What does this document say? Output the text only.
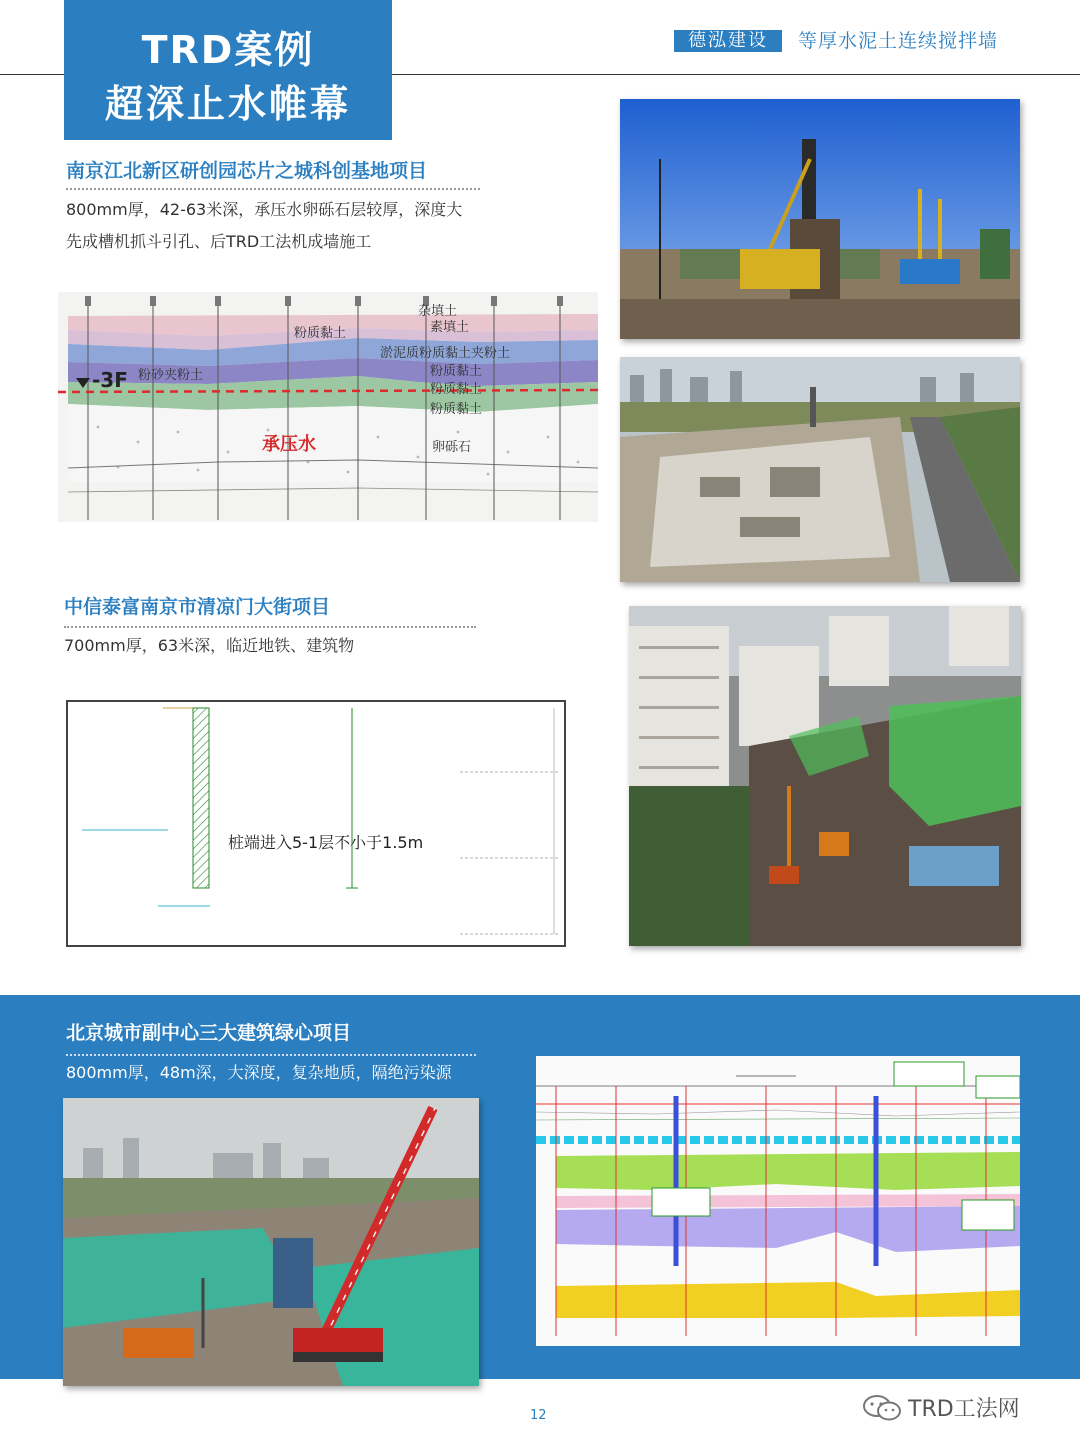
TRD案例
超深止水帷幕
德泓建设	等厚水泥土连续搅拌墙
南京江北新区研创园芯片之城科创基地项目
800mm厚，42-63米深，承压水卵砾石层较厚，深度大
先成槽机抓斗引孔、后TRD工法机成墙施工
杂填土
素填土
粉质黏土
淤泥质粉质黏土夹粉土
粉砂夹粉土	粉质黏土
粉质黏土
粉质黏土
卵砾石
承压水
-3F
中信泰富南京市清凉门大街项目
700mm厚，63米深，临近地铁、建筑物
桩端进入5-1层不小于1.5m
北京城市副中心三大建筑绿心项目
800mm厚，48m深，大深度，复杂地质，隔绝污染源
12	TRD工法网
